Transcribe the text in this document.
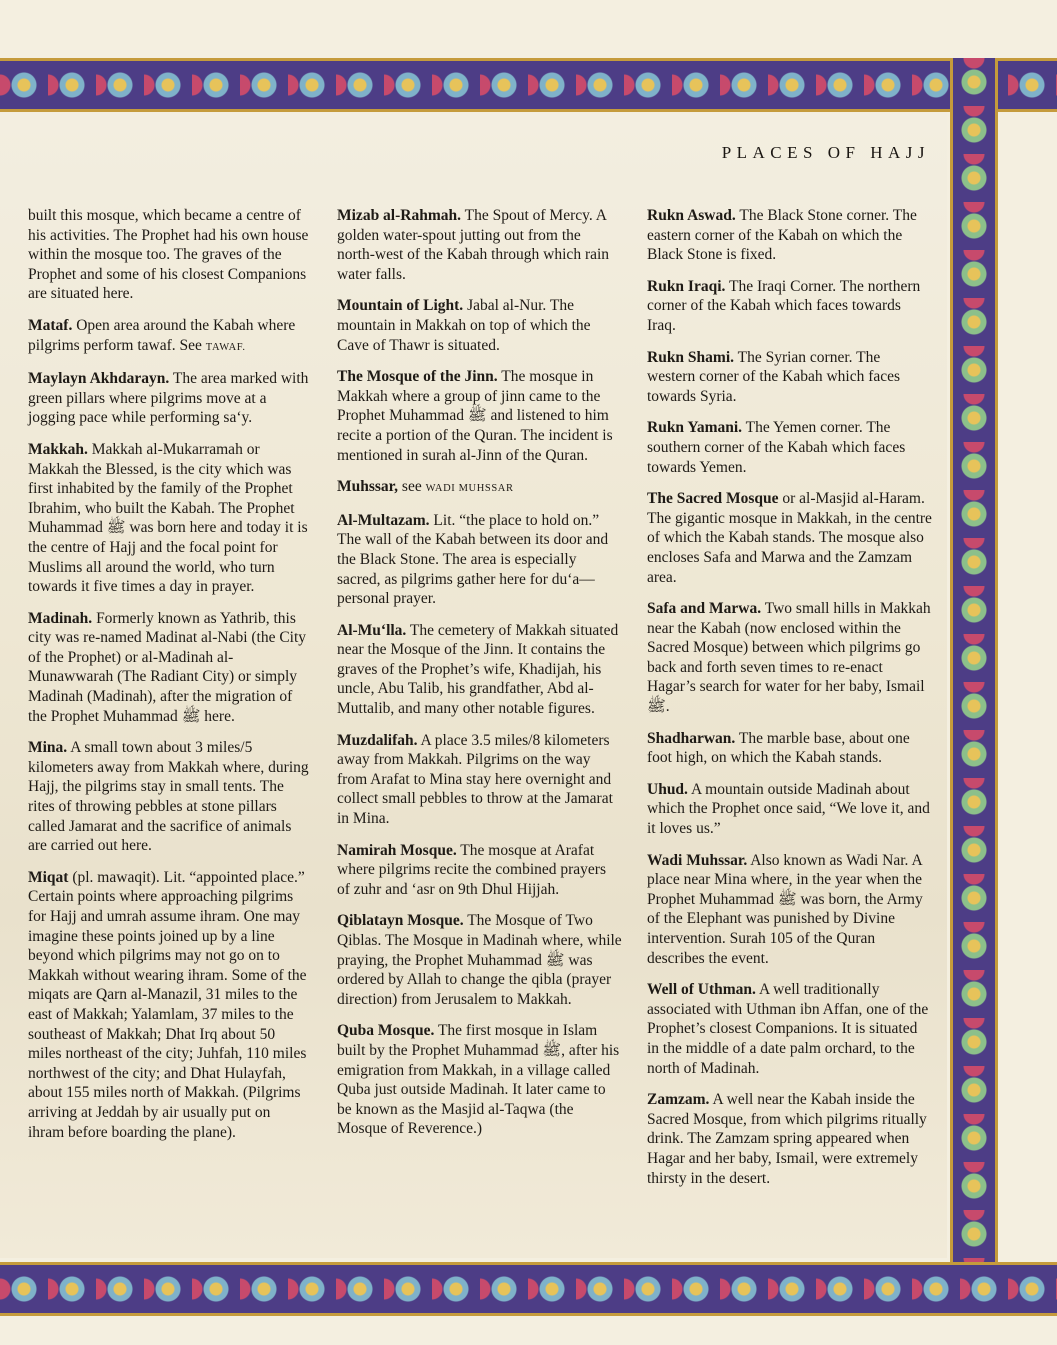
PLACES OF HAJJ

built this mosque, which became a centre of his activities. The Prophet had his own house within the mosque too. The graves of the Prophet and some of his closest Companions are situated here.

Mataf. Open area around the Kabah where pilgrims perform tawaf. See TAWAF.

Maylayn Akhdarayn. The area marked with green pillars where pilgrims move at a jogging pace while performing sa‘y.

Makkah. Makkah al-Mukarramah or Makkah the Blessed, is the city which was first inhabited by the family of the Prophet Ibrahim, who built the Kabah. The Prophet Muhammad ﷺ was born here and today it is the centre of Hajj and the focal point for Muslims all around the world, who turn towards it five times a day in prayer.

Madinah. Formerly known as Yathrib, this city was re-named Madinat al-Nabi (the City of the Prophet) or al-Madinah al-Munawwarah (The Radiant City) or simply Madinah (Madinah), after the migration of the Prophet Muhammad ﷺ here.

Mina. A small town about 3 miles/5 kilometers away from Makkah where, during Hajj, the pilgrims stay in small tents. The rites of throwing pebbles at stone pillars called Jamarat and the sacrifice of animals are carried out here.

Miqat (pl. mawaqit). Lit. “appointed place.” Certain points where approaching pilgrims for Hajj and umrah assume ihram. One may imagine these points joined up by a line beyond which pilgrims may not go on to Makkah without wearing ihram. Some of the miqats are Qarn al-Manazil, 31 miles to the east of Makkah; Yalamlam, 37 miles to the southeast of Makkah; Dhat Irq about 50 miles northeast of the city; Juhfah, 110 miles northwest of the city; and Dhat Hulayfah, about 155 miles north of Makkah. (Pilgrims arriving at Jeddah by air usually put on ihram before boarding the plane).

Mizab al-Rahmah. The Spout of Mercy. A golden water-spout jutting out from the north-west of the Kabah through which rain water falls.

Mountain of Light. Jabal al-Nur. The mountain in Makkah on top of which the Cave of Thawr is situated.

The Mosque of the Jinn. The mosque in Makkah where a group of jinn came to the Prophet Muhammad ﷺ and listened to him recite a portion of the Quran. The incident is mentioned in surah al-Jinn of the Quran.

Muhssar, see WADI MUHSSAR

Al-Multazam. Lit. “the place to hold on.” The wall of the Kabah between its door and the Black Stone. The area is especially sacred, as pilgrims gather here for du‘a—personal prayer.

Al-Mu‘lla. The cemetery of Makkah situated near the Mosque of the Jinn. It contains the graves of the Prophet’s wife, Khadijah, his uncle, Abu Talib, his grandfather, Abd al-Muttalib, and many other notable figures.

Muzdalifah. A place 3.5 miles/8 kilometers away from Makkah. Pilgrims on the way from Arafat to Mina stay here overnight and collect small pebbles to throw at the Jamarat in Mina.

Namirah Mosque. The mosque at Arafat where pilgrims recite the combined prayers of zuhr and ‘asr on 9th Dhul Hijjah.

Qiblatayn Mosque. The Mosque of Two Qiblas. The Mosque in Madinah where, while praying, the Prophet Muhammad ﷺ was ordered by Allah to change the qibla (prayer direction) from Jerusalem to Makkah.

Quba Mosque. The first mosque in Islam built by the Prophet Muhammad ﷺ, after his emigration from Makkah, in a village called Quba just outside Madinah. It later came to be known as the Masjid al-Taqwa (the Mosque of Reverence.)

Rukn Aswad. The Black Stone corner. The eastern corner of the Kabah on which the Black Stone is fixed.

Rukn Iraqi. The Iraqi Corner. The northern corner of the Kabah which faces towards Iraq.

Rukn Shami. The Syrian corner. The western corner of the Kabah which faces towards Syria.

Rukn Yamani. The Yemen corner. The southern corner of the Kabah which faces towards Yemen.

The Sacred Mosque or al-Masjid al-Haram. The gigantic mosque in Makkah, in the centre of which the Kabah stands. The mosque also encloses Safa and Marwa and the Zamzam area.

Safa and Marwa. Two small hills in Makkah near the Kabah (now enclosed within the Sacred Mosque) between which pilgrims go back and forth seven times to re-enact Hagar’s search for water for her baby, Ismail ﷺ.

Shadharwan. The marble base, about one foot high, on which the Kabah stands.

Uhud. A mountain outside Madinah about which the Prophet once said, “We love it, and it loves us.”

Wadi Muhssar. Also known as Wadi Nar. A place near Mina where, in the year when the Prophet Muhammad ﷺ was born, the Army of the Elephant was punished by Divine intervention. Surah 105 of the Quran describes the event.

Well of Uthman. A well traditionally associated with Uthman ibn Affan, one of the Prophet’s closest Companions. It is situated in the middle of a date palm orchard, to the north of Madinah.

Zamzam. A well near the Kabah inside the Sacred Mosque, from which pilgrims ritually drink. The Zamzam spring appeared when Hagar and her baby, Ismail, were extremely thirsty in the desert.
